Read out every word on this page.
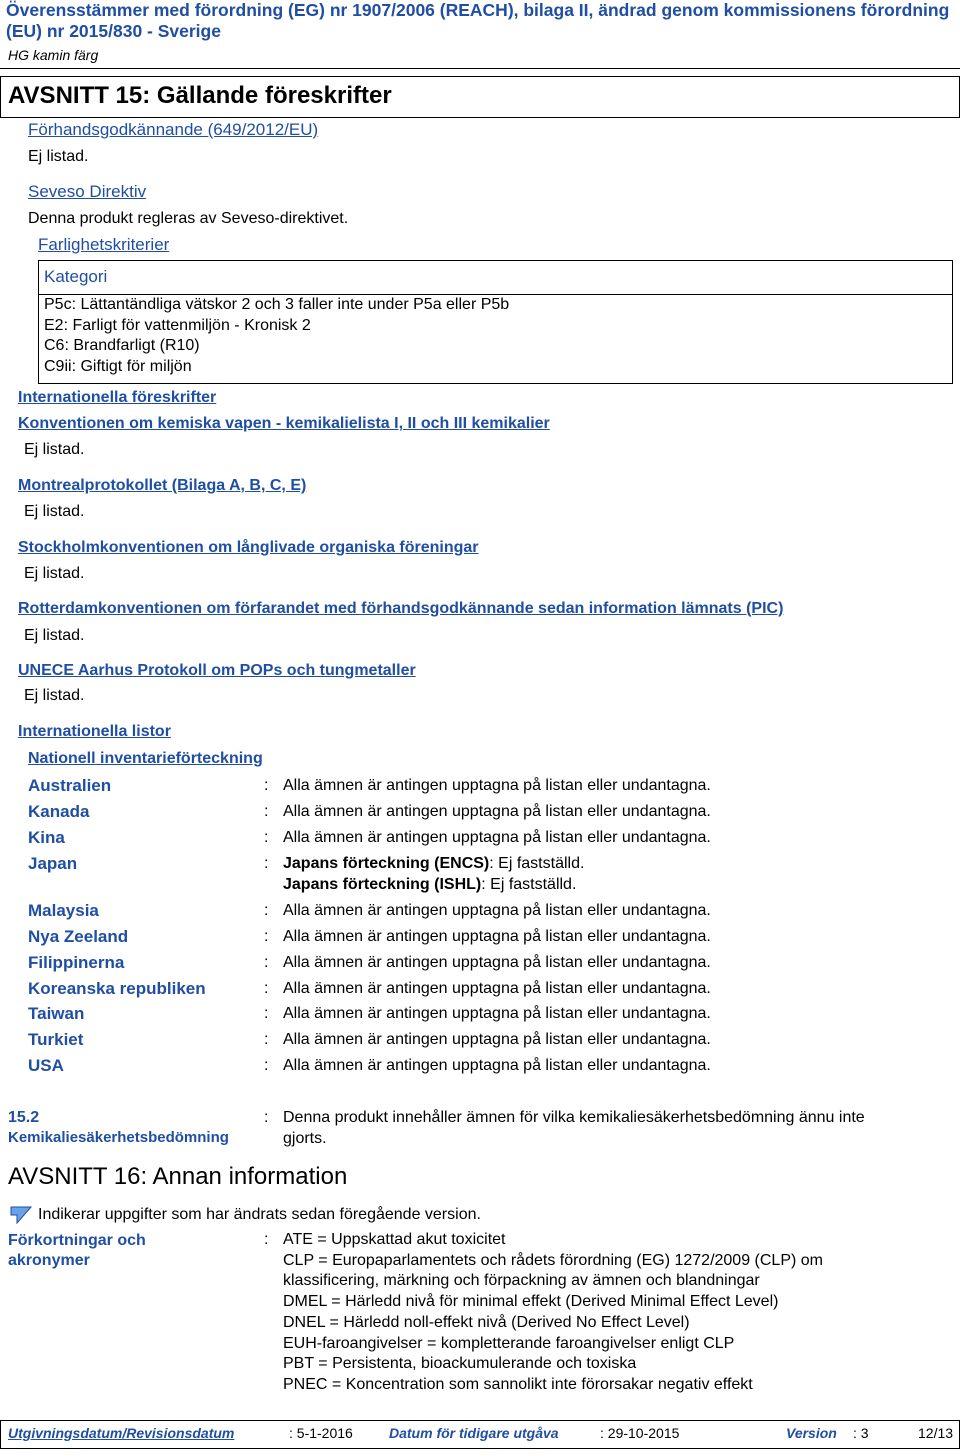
Överensstämmer med förordning (EG) nr 1907/2006 (REACH), bilaga II, ändrad genom kommissionens förordning
(EU) nr 2015/830 - Sverige
HG kamin färg
AVSNITT 15: Gällande föreskrifter
Förhandsgodkännande (649/2012/EU)
Ej listad.
Seveso Direktiv
Denna produkt regleras av Seveso-direktivet.
Farlighetskriterier
Kategori
P5c: Lättantändliga vätskor 2 och 3 faller inte under P5a eller P5b
E2: Farligt för vattenmiljön - Kronisk 2
C6: Brandfarligt (R10)
C9ii: Giftigt för miljön
Internationella föreskrifter
Konventionen om kemiska vapen - kemikalielista I, II och III kemikalier
Ej listad.
Montrealprotokollet (Bilaga A, B, C, E)
Ej listad.
Stockholmkonventionen om långlivade organiska föreningar
Ej listad.
Rotterdamkonventionen om förfarandet med förhandsgodkännande sedan information lämnats (PIC)
Ej listad.
UNECE Aarhus Protokoll om POPs och tungmetaller
Ej listad.
Internationella listor
Nationell inventarieförteckning
Australien	: Alla ämnen är antingen upptagna på listan eller undantagna.
Kanada	: Alla ämnen är antingen upptagna på listan eller undantagna.
Kina	: Alla ämnen är antingen upptagna på listan eller undantagna.
Japan	: Japans förteckning (ENCS): Ej fastställd.
Japans förteckning (ISHL): Ej fastställd.
Malaysia	: Alla ämnen är antingen upptagna på listan eller undantagna.
Nya Zeeland	: Alla ämnen är antingen upptagna på listan eller undantagna.
Filippinerna	: Alla ämnen är antingen upptagna på listan eller undantagna.
Koreanska republiken	: Alla ämnen är antingen upptagna på listan eller undantagna.
Taiwan	: Alla ämnen är antingen upptagna på listan eller undantagna.
Turkiet	: Alla ämnen är antingen upptagna på listan eller undantagna.
USA	: Alla ämnen är antingen upptagna på listan eller undantagna.
15.2
Kemikaliesäkerhetsbedömning
: Denna produkt innehåller ämnen för vilka kemikaliesäkerhetsbedömning ännu inte
gjorts.
AVSNITT 16: Annan information
Indikerar uppgifter som har ändrats sedan föregående version.
Förkortningar och
akronymer
: ATE = Uppskattad akut toxicitet
CLP = Europaparlamentets och rådets förordning (EG) 1272/2009 (CLP) om
klassificering, märkning och förpackning av ämnen och blandningar
DMEL = Härledd nivå för minimal effekt (Derived Minimal Effect Level)
DNEL = Härledd noll-effekt nivå (Derived No Effect Level)
EUH-faroangivelser = kompletterande faroangivelser enligt CLP
PBT = Persistenta, bioackumulerande och toxiska
PNEC = Koncentration som sannolikt inte förorsakar negativ effekt
Utgivningsdatum/Revisionsdatum	: 5-1-2016	Datum för tidigare utgåva	: 29-10-2015	Version : 3	12/13
